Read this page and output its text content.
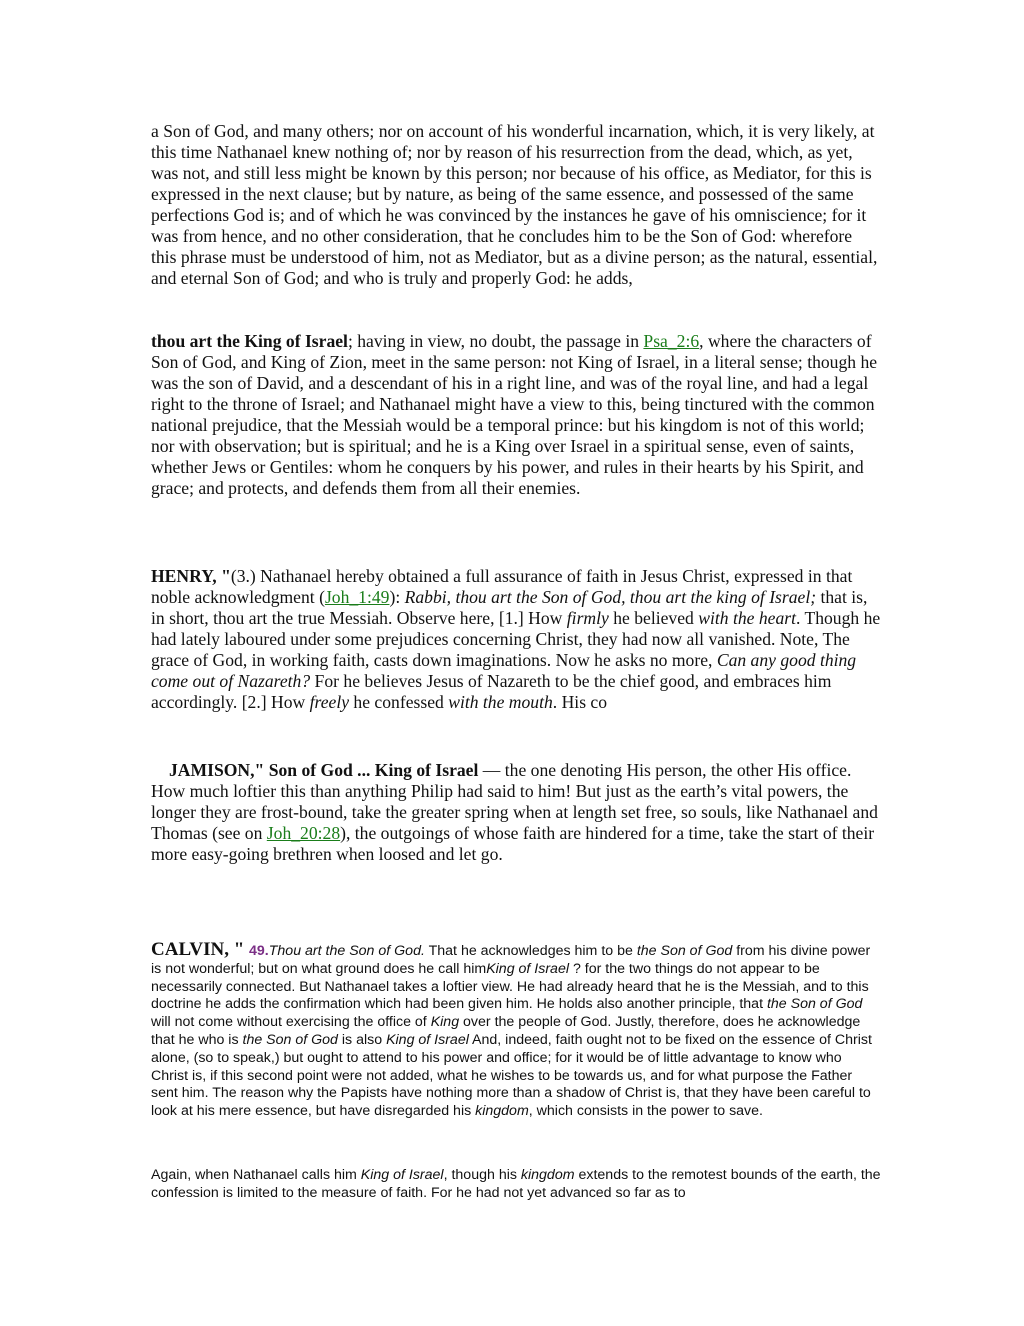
a Son of God, and many others; nor on account of his wonderful incarnation, which, it is very likely, at this time Nathanael knew nothing of; nor by reason of his resurrection from the dead, which, as yet, was not, and still less might be known by this person; nor because of his office, as Mediator, for this is expressed in the next clause; but by nature, as being of the same essence, and possessed of the same perfections God is; and of which he was convinced by the instances he gave of his omniscience; for it was from hence, and no other consideration, that he concludes him to be the Son of God: wherefore this phrase must be understood of him, not as Mediator, but as a divine person; as the natural, essential, and eternal Son of God; and who is truly and properly God: he adds,

thou art the King of Israel; having in view, no doubt, the passage in Psa_2:6, where the characters of Son of God, and King of Zion, meet in the same person: not King of Israel, in a literal sense; though he was the son of David, and a descendant of his in a right line, and was of the royal line, and had a legal right to the throne of Israel; and Nathanael might have a view to this, being tinctured with the common national prejudice, that the Messiah would be a temporal prince: but his kingdom is not of this world; nor with observation; but is spiritual; and he is a King over Israel in a spiritual sense, even of saints, whether Jews or Gentiles: whom he conquers by his power, and rules in their hearts by his Spirit, and grace; and protects, and defends them from all their enemies.

HENRY, "(3.) Nathanael hereby obtained a full assurance of faith in Jesus Christ, expressed in that noble acknowledgment (Joh_1:49): Rabbi, thou art the Son of God, thou art the king of Israel; that is, in short, thou art the true Messiah. Observe here, [1.] How firmly he believed with the heart. Though he had lately laboured under some prejudices concerning Christ, they had now all vanished. Note, The grace of God, in working faith, casts down imaginations. Now he asks no more, Can any good thing come out of Nazareth? For he believes Jesus of Nazareth to be the chief good, and embraces him accordingly. [2.] How freely he confessed with the mouth. His co

JAMISON," Son of God ... King of Israel — the one denoting His person, the other His office. How much loftier this than anything Philip had said to him! But just as the earth’s vital powers, the longer they are frost-bound, take the greater spring when at length set free, so souls, like Nathanael and Thomas (see on Joh_20:28), the outgoings of whose faith are hindered for a time, take the start of their more easy-going brethren when loosed and let go.

CALVIN, " 49.Thou art the Son of God. That he acknowledges him to be the Son of God from his divine power is not wonderful; but on what ground does he call himKing of Israel ? for the two things do not appear to be necessarily connected. But Nathanael takes a loftier view. He had already heard that he is the Messiah, and to this doctrine he adds the confirmation which had been given him. He holds also another principle, that the Son of God will not come without exercising the office of King over the people of God. Justly, therefore, does he acknowledge that he who is the Son of God is also King of Israel And, indeed, faith ought not to be fixed on the essence of Christ alone, (so to speak,) but ought to attend to his power and office; for it would be of little advantage to know who Christ is, if this second point were not added, what he wishes to be towards us, and for what purpose the Father sent him. The reason why the Papists have nothing more than a shadow of Christ is, that they have been careful to look at his mere essence, but have disregarded his kingdom, which consists in the power to save.

Again, when Nathanael calls him King of Israel, though his kingdom extends to the remotest bounds of the earth, the confession is limited to the measure of faith. For he had not yet advanced so far as to
